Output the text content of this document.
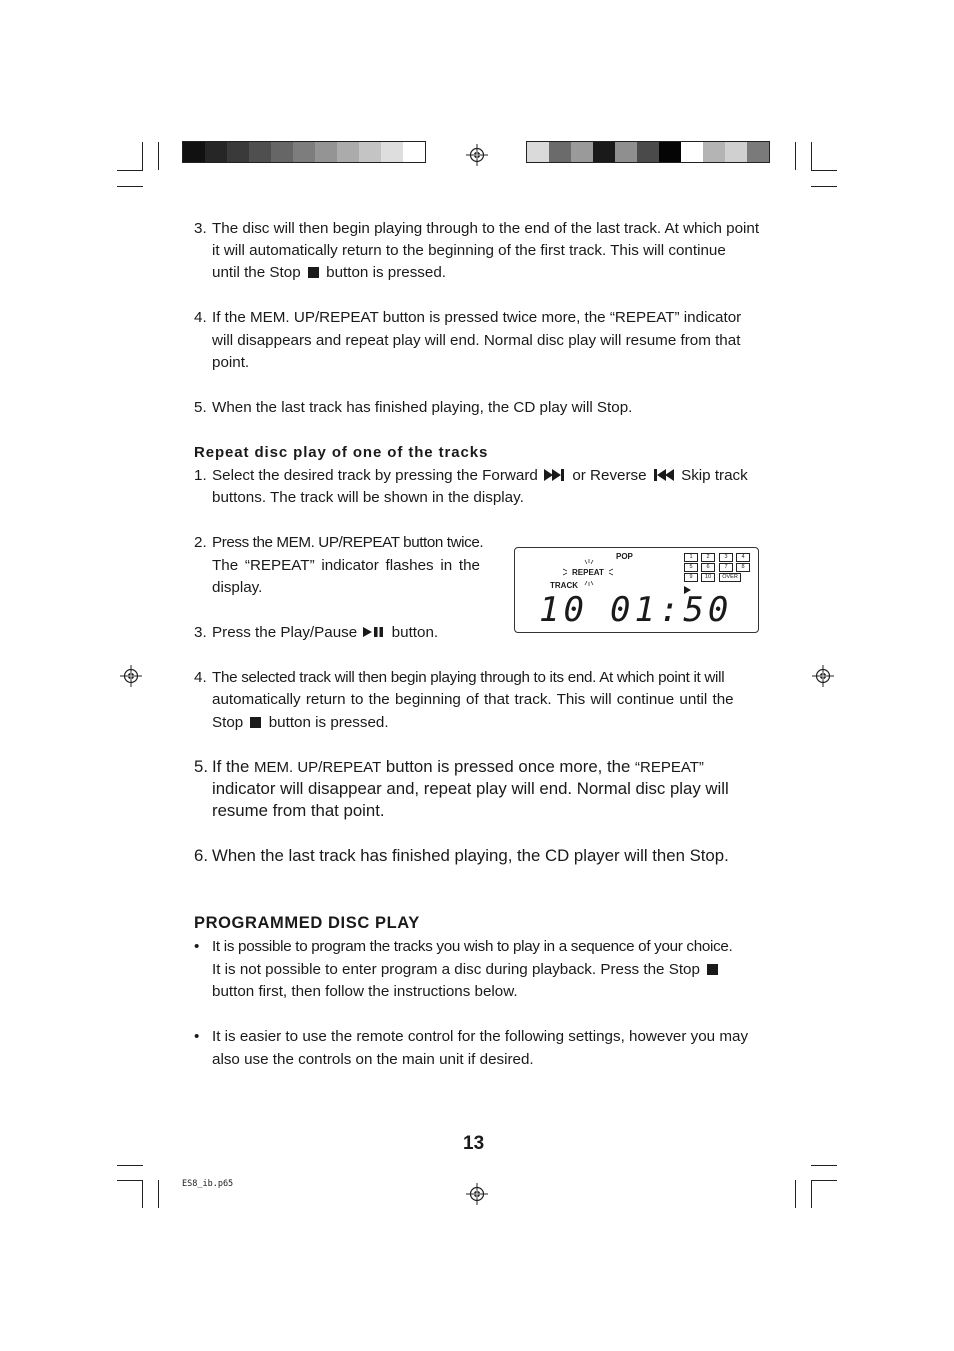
3. The disc will then begin playing through to the end of the last track. At which point
it will automatically return to the beginning of the first track. This will continue
until the Stop button is pressed.
4. If the MEM. UP/REPEAT button is pressed twice more, the “REPEAT” indicator
will disappears and repeat play will end. Normal disc play will resume from that
point.
5. When the last track has finished playing, the CD play will Stop.
Repeat disc play of one of the tracks
1. Select the desired track by pressing the Forward or Reverse Skip track
buttons. The track will be shown in the display.
2. Press the MEM. UP/REPEAT button twice.
The “REPEAT” indicator flashes in the
display.
3. Press the Play/Pause button.
POP
REPEAT
TRACK
1	2	3	4
5	6	7	8
9	10	OVER
10 01:50
4. The selected track will then begin playing through to its end. At which point it will
automatically return to the beginning of that track. This will continue until the
Stop button is pressed.
5. If the MEM. UP/REPEAT button is pressed once more, the “REPEAT”
indicator will disappear and, repeat play will end. Normal disc play will
resume from that point.
6. When the last track has finished playing, the CD player will then Stop.
PROGRAMMED DISC PLAY
• It is possible to program the tracks you wish to play in a sequence of your choice.
It is not possible to enter program a disc during playback. Press the Stop
button first, then follow the instructions below.
• It is easier to use the remote control for the following settings, however you may
also use the controls on the main unit if desired.
13
ES8_ib.p65
